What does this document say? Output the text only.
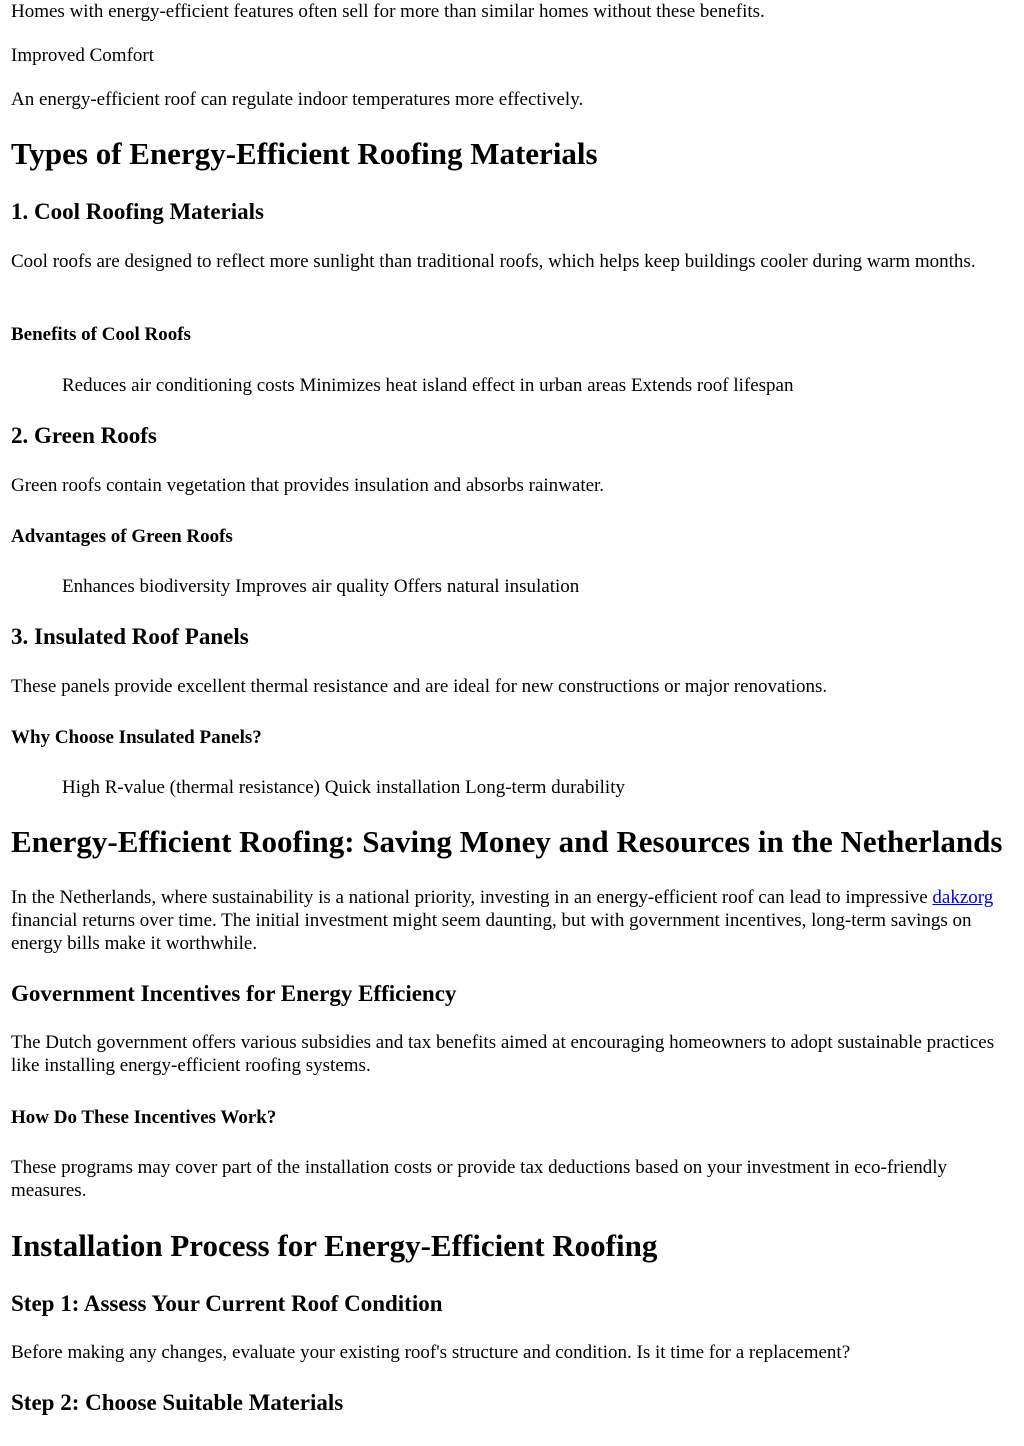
Homes with energy-efficient features often sell for more than similar homes without these benefits.

Improved Comfort

An energy-efficient roof can regulate indoor temperatures more effectively.

Types of Energy-Efficient Roofing Materials
1. Cool Roofing Materials

Cool roofs are designed to reflect more sunlight than traditional roofs, which helps keep buildings cooler during warm months.

Benefits of Cool Roofs
Reduces air conditioning costs Minimizes heat island effect in urban areas Extends roof lifespan
2. Green Roofs

Green roofs contain vegetation that provides insulation and absorbs rainwater.

Advantages of Green Roofs
Enhances biodiversity Improves air quality Offers natural insulation
3. Insulated Roof Panels

These panels provide excellent thermal resistance and are ideal for new constructions or major renovations.

Why Choose Insulated Panels?
High R-value (thermal resistance) Quick installation Long-term durability
Energy-Efficient Roofing: Saving Money and Resources in the Netherlands

In the Netherlands, where sustainability is a national priority, investing in an energy-efficient roof can lead to impressive dakzorg financial returns over time. The initial investment might seem daunting, but with government incentives, long-term savings on energy bills make it worthwhile.

Government Incentives for Energy Efficiency

The Dutch government offers various subsidies and tax benefits aimed at encouraging homeowners to adopt sustainable practices like installing energy-efficient roofing systems.

How Do These Incentives Work?

These programs may cover part of the installation costs or provide tax deductions based on your investment in eco-friendly measures.

Installation Process for Energy-Efficient Roofing
Step 1: Assess Your Current Roof Condition

Before making any changes, evaluate your existing roof's structure and condition. Is it time for a replacement?

Step 2: Choose Suitable Materials
